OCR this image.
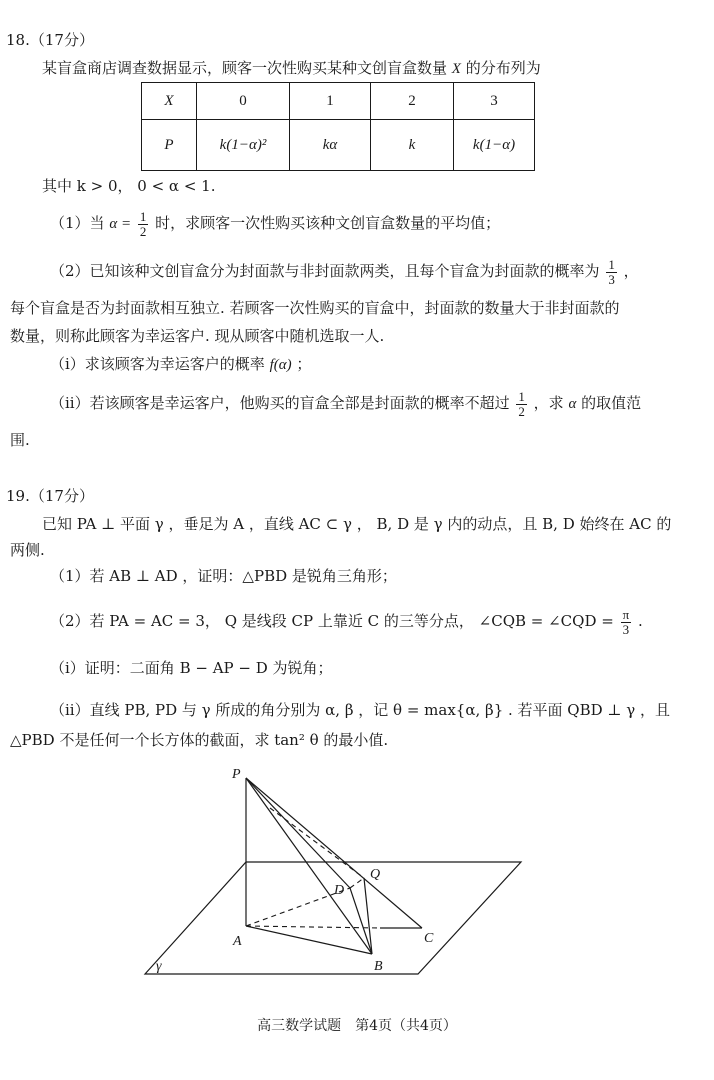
18.（17分）
某盲盒商店调查数据显示，顾客一次性购买某种文创盲盒数量 X 的分布列为
X	0	1	2	3
P	k(1−α)²	kα	k	k(1−α)
其中 k > 0， 0 < α < 1.
（1）当 $\alpha = \frac{1}{2}$ 时，求顾客一次性购买该种文创盲盒数量的平均值；
（2）已知该种文创盲盒分为封面款与非封面款两类，且每个盲盒为封面款的概率为 $\frac{1}{3}$ ，
每个盲盒是否为封面款相互独立. 若顾客一次性购买的盲盒中，封面款的数量大于非封面款的
数量，则称此顾客为幸运客户. 现从顾客中随机选取一人.
（i）求该顾客为幸运客户的概率 f(α) ；
（ii）若该顾客是幸运客户，他购买的盲盒全部是封面款的概率不超过 $\frac{1}{2}$ ，求 α 的取值范
围.
19.（17分）
已知 PA ⊥ 平面 γ ，垂足为 A ，直线 AC ⊂ γ ， B, D 是 γ 内的动点，且 B, D 始终在 AC 的
两侧.
（1）若 AB ⊥ AD ，证明：△PBD 是锐角三角形；
（2）若 PA = AC = 3， Q 是线段 CP 上靠近 C 的三等分点， ∠CQB = ∠CQD = $\frac{\pi}{3}$ .
（i）证明：二面角 B − AP − D 为锐角；
（ii）直线 PB, PD 与 γ 所成的角分别为 α, β ，记 θ = max{α, β} . 若平面 QBD ⊥ γ ，且
△PBD 不是任何一个长方体的截面，求 tan² θ 的最小值.
P
Q
D
A
B
C
γ
高三数学试题　第4页（共4页）
